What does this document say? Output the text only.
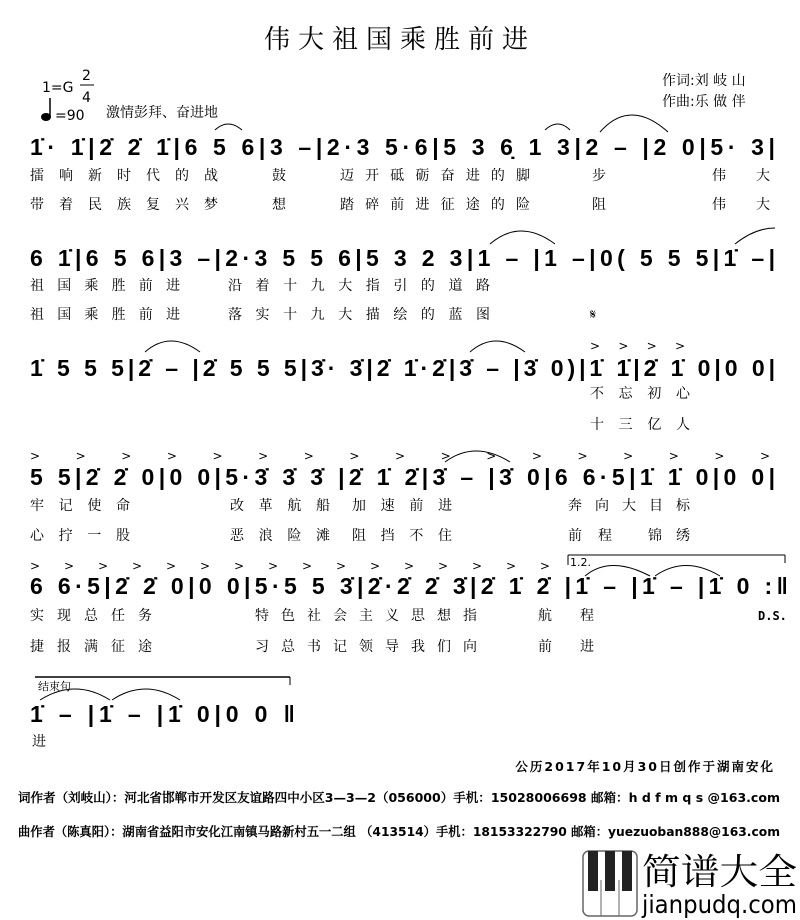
伟大祖国乘胜前进
1=G
2
4
=90 激情彭拜、奋进地
作词:刘 岐 山
作曲:乐 做 伴
1̇· 1̇|2̇ 2̇ 1̇|6 5 6|3 –|2·3 5·6|5 3 6̣ 1 3|2 – |2 0|5· 3|
擂响新时代的战	鼓	迈开砥砺奋进的脚	步	伟大
带着民族复兴梦	想	踏碎前进征途的险	阻	伟大
6 1̇|6 5 6|3 –|2·3 5 5 6|5 3 2 3|1 – |1 –|0( 5 5 5|1̇ –|
祖国乘胜前进	沿着十九大指引的道路
祖国乘胜前进	落实十九大描绘的蓝图	𝄋
> > > >
1̇ 5 5 5|2̇ – |2̇ 5 5 5|3̇· 3̇|2̇ 1̇·2̇|3̇ – |3̇ 0)|1̇ 1̇|2̇ 1̇ 0|0 0|
不忘初心
十三亿人
> > > > > > > > > > > > > > > > >
5 5|2̇ 2̇ 0|0 0|5·3̇ 3̇ 3̇ |2̇ 1̇ 2̇|3̇ – |3̇ 0|6 6·5|1̇ 1̇ 0|0 0|
牢记使命	改革航船 加速前进	奔向大目标
心拧一股	恶浪险滩 阻挡不住	前程	锦绣
1.2.
> > > > > > > > > > > > > > > >
6 6·5|2̇ 2̇ 0|0 0|5·5 5 3̇|2̇·2̇ 2̇ 3̇|2̇ 1̇ 2̇ |1̇ – |1̇ – |1̇ 0 :‖
实现总任务	特色社会主义思想指	航 程	D.S.
捷报满征途	习总书记领导我们向	前 进
结束句
1̇ – |1̇ – |1̇ 0|0 0 ‖
进
公历2017年10月30日创作于湖南安化
词作者（刘岐山）：河北省邯郸市开发区友谊路四中小区3—3—2（056000）手机：15028006698 邮箱：h d f m q s @163.com
曲作者（陈真阳）：湖南省益阳市安化江南镇马路新村五一二组 （413514）手机：18153322790 邮箱：yuezuoban888@163.com
简谱大全
jianpudq.com
